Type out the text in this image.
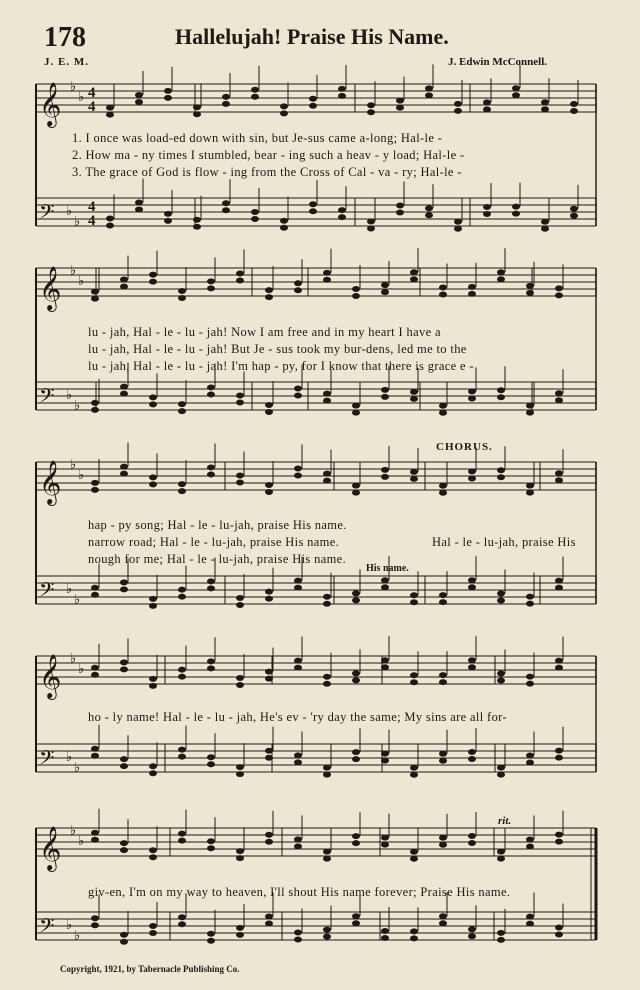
178	Hallelujah! Praise His Name.
J. E. M.	J. Edwin McConnell.
𝄞 ♭
♭ 4
4
𝄢 ♭
♭
4
4
𝄞 ♭
♭
𝄢 ♭
♭
𝄞 ♭
♭
𝄢 ♭
♭
𝄞 ♭
♭
𝄢 ♭
♭
𝄞 ♭
♭
𝄢 ♭
♭
1. I once was load-ed down with sin, but Je-sus came a-long; Hal-le -
2. How ma - ny times I stumbled, bear - ing such a heav - y load; Hal-le -
3. The grace of God is flow - ing from the Cross of Cal - va - ry; Hal-le -
lu - jah, Hal - le - lu - jah! Now I am free and in my heart I have a
lu - jah, Hal - le - lu - jah! But Je - sus took my bur-dens, led me to the
lu - jah, Hal - le - lu - jah! I'm hap - py, for I know that there is grace e -
CHORUS.
hap - py song; Hal - le - lu-jah, praise His name.
narrow road; Hal - le - lu-jah, praise His name.
nough for me; Hal - le - lu-jah, praise His name.
Hal - le - lu-jah, praise His
His name.
ho - ly name! Hal - le - lu - jah, He's ev - 'ry day the same; My sins are all for-
rit.
giv-en, I'm on my way to heaven, I'll shout His name forever; Praise His name.
Copyright, 1921, by Tabernacle Publishing Co.
